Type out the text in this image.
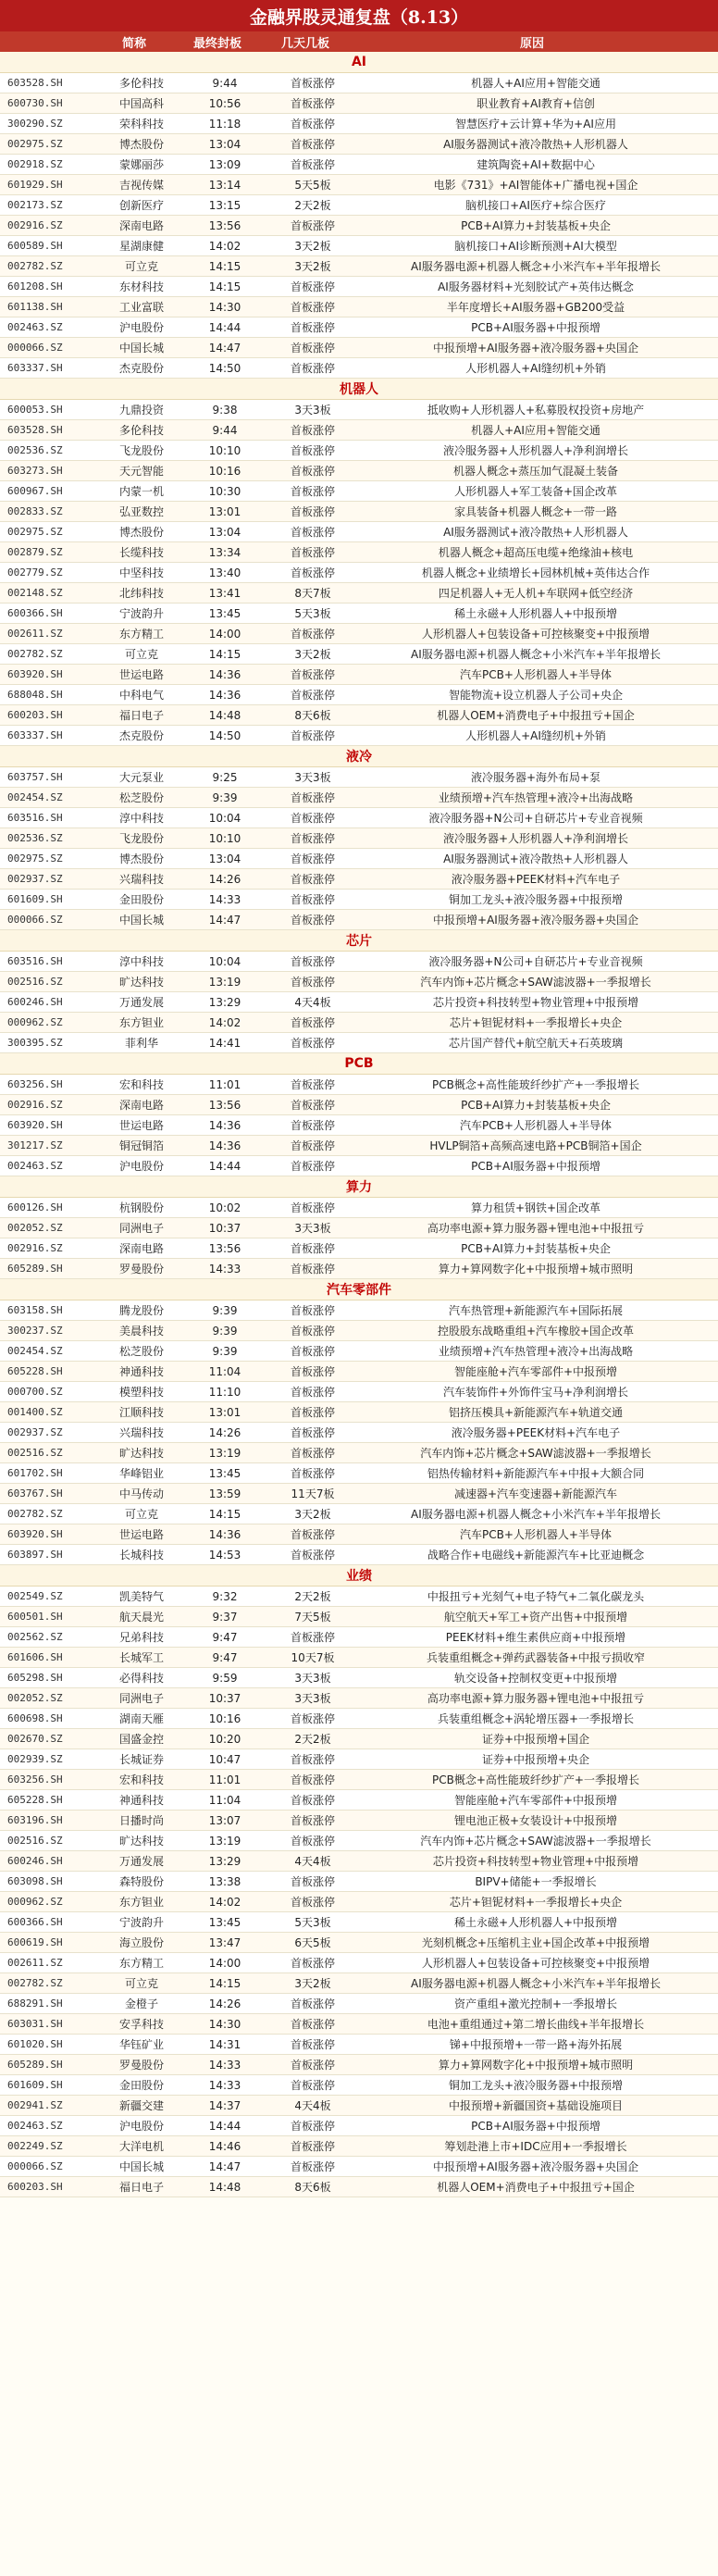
金融界股灵通复盘（8.13）
简称	最终封板	几天几板	原因
AI
603528.SH	多伦科技	9:44	首板涨停	机器人+AI应用+智能交通
600730.SH	中国高科	10:56	首板涨停	职业教育+AI教育+信创
300290.SZ	荣科科技	11:18	首板涨停	智慧医疗+云计算+华为+AI应用
002975.SZ	博杰股份	13:04	首板涨停	AI服务器测试+液冷散热+人形机器人
002918.SZ	蒙娜丽莎	13:09	首板涨停	建筑陶瓷+AI+数据中心
601929.SH	吉视传媒	13:14	5天5板	电影《731》+AI智能体+广播电视+国企
002173.SZ	创新医疗	13:15	2天2板	脑机接口+AI医疗+综合医疗
002916.SZ	深南电路	13:56	首板涨停	PCB+AI算力+封装基板+央企
600589.SH	星湖康健	14:02	3天2板	脑机接口+AI诊断预测+AI大模型
002782.SZ	可立克	14:15	3天2板	AI服务器电源+机器人概念+小米汽车+半年报增长
601208.SH	东材科技	14:15	首板涨停	AI服务器材料+光刻胶试产+英伟达概念
601138.SH	工业富联	14:30	首板涨停	半年度增长+AI服务器+GB200受益
002463.SZ	沪电股份	14:44	首板涨停	PCB+AI服务器+中报预增
000066.SZ	中国长城	14:47	首板涨停	中报预增+AI服务器+液冷服务器+央国企
603337.SH	杰克股份	14:50	首板涨停	人形机器人+AI缝纫机+外销
机器人
600053.SH	九鼎投资	9:38	3天3板	抵收购+人形机器人+私募股权投资+房地产
603528.SH	多伦科技	9:44	首板涨停	机器人+AI应用+智能交通
002536.SZ	飞龙股份	10:10	首板涨停	液冷服务器+人形机器人+净利润增长
603273.SH	天元智能	10:16	首板涨停	机器人概念+蒸压加气混凝土装备
600967.SH	内蒙一机	10:30	首板涨停	人形机器人+军工装备+国企改革
002833.SZ	弘亚数控	13:01	首板涨停	家具装备+机器人概念+一带一路
002975.SZ	博杰股份	13:04	首板涨停	AI服务器测试+液冷散热+人形机器人
002879.SZ	长缆科技	13:34	首板涨停	机器人概念+超高压电缆+绝缘油+核电
002779.SZ	中坚科技	13:40	首板涨停	机器人概念+业绩增长+园林机械+英伟达合作
002148.SZ	北纬科技	13:41	8天7板	四足机器人+无人机+车联网+低空经济
600366.SH	宁波韵升	13:45	5天3板	稀土永磁+人形机器人+中报预增
002611.SZ	东方精工	14:00	首板涨停	人形机器人+包装设备+可控核聚变+中报预增
002782.SZ	可立克	14:15	3天2板	AI服务器电源+机器人概念+小米汽车+半年报增长
603920.SH	世运电路	14:36	首板涨停	汽车PCB+人形机器人+半导体
688048.SH	中科电气	14:36	首板涨停	智能物流+设立机器人子公司+央企
600203.SH	福日电子	14:48	8天6板	机器人OEM+消费电子+中报扭亏+国企
603337.SH	杰克股份	14:50	首板涨停	人形机器人+AI缝纫机+外销
液冷
603757.SH	大元泵业	9:25	3天3板	液冷服务器+海外布局+泵
002454.SZ	松芝股份	9:39	首板涨停	业绩预增+汽车热管理+液冷+出海战略
603516.SH	淳中科技	10:04	首板涨停	液冷服务器+N公司+自研芯片+专业音视频
002536.SZ	飞龙股份	10:10	首板涨停	液冷服务器+人形机器人+净利润增长
002975.SZ	博杰股份	13:04	首板涨停	AI服务器测试+液冷散热+人形机器人
002937.SZ	兴瑞科技	14:26	首板涨停	液冷服务器+PEEK材料+汽车电子
601609.SH	金田股份	14:33	首板涨停	铜加工龙头+液冷服务器+中报预增
000066.SZ	中国长城	14:47	首板涨停	中报预增+AI服务器+液冷服务器+央国企
芯片
603516.SH	淳中科技	10:04	首板涨停	液冷服务器+N公司+自研芯片+专业音视频
002516.SZ	旷达科技	13:19	首板涨停	汽车内饰+芯片概念+SAW滤波器+一季报增长
600246.SH	万通发展	13:29	4天4板	芯片投资+科技转型+物业管理+中报预增
000962.SZ	东方钽业	14:02	首板涨停	芯片+钽铌材料+一季报增长+央企
300395.SZ	菲利华	14:41	首板涨停	芯片国产替代+航空航天+石英玻璃
PCB
603256.SH	宏和科技	11:01	首板涨停	PCB概念+高性能玻纤纱扩产+一季报增长
002916.SZ	深南电路	13:56	首板涨停	PCB+AI算力+封装基板+央企
603920.SH	世运电路	14:36	首板涨停	汽车PCB+人形机器人+半导体
301217.SZ	铜冠铜箔	14:36	首板涨停	HVLP铜箔+高频高速电路+PCB铜箔+国企
002463.SZ	沪电股份	14:44	首板涨停	PCB+AI服务器+中报预增
算力
600126.SH	杭钢股份	10:02	首板涨停	算力租赁+钢铁+国企改革
002052.SZ	同洲电子	10:37	3天3板	高功率电源+算力服务器+锂电池+中报扭亏
002916.SZ	深南电路	13:56	首板涨停	PCB+AI算力+封装基板+央企
605289.SH	罗曼股份	14:33	首板涨停	算力+算网数字化+中报预增+城市照明
汽车零部件
603158.SH	腾龙股份	9:39	首板涨停	汽车热管理+新能源汽车+国际拓展
300237.SZ	美晨科技	9:39	首板涨停	控股股东战略重组+汽车橡胶+国企改革
002454.SZ	松芝股份	9:39	首板涨停	业绩预增+汽车热管理+液冷+出海战略
605228.SH	神通科技	11:04	首板涨停	智能座舱+汽车零部件+中报预增
000700.SZ	模塑科技	11:10	首板涨停	汽车装饰件+外饰件宝马+净利润增长
001400.SZ	江顺科技	13:01	首板涨停	铝挤压模具+新能源汽车+轨道交通
002937.SZ	兴瑞科技	14:26	首板涨停	液冷服务器+PEEK材料+汽车电子
002516.SZ	旷达科技	13:19	首板涨停	汽车内饰+芯片概念+SAW滤波器+一季报增长
601702.SH	华峰铝业	13:45	首板涨停	铝热传输材料+新能源汽车+中报+大额合同
603767.SH	中马传动	13:59	11天7板	减速器+汽车变速器+新能源汽车
002782.SZ	可立克	14:15	3天2板	AI服务器电源+机器人概念+小米汽车+半年报增长
603920.SH	世运电路	14:36	首板涨停	汽车PCB+人形机器人+半导体
603897.SH	长城科技	14:53	首板涨停	战略合作+电磁线+新能源汽车+比亚迪概念
业绩
002549.SZ	凯美特气	9:32	2天2板	中报扭亏+光刻气+电子特气+二氧化碳龙头
600501.SH	航天晨光	9:37	7天5板	航空航天+军工+资产出售+中报预增
002562.SZ	兄弟科技	9:47	首板涨停	PEEK材料+维生素供应商+中报预增
601606.SH	长城军工	9:47	10天7板	兵装重组概念+弹药武器装备+中报亏损收窄
605298.SH	必得科技	9:59	3天3板	轨交设备+控制权变更+中报预增
002052.SZ	同洲电子	10:37	3天3板	高功率电源+算力服务器+锂电池+中报扭亏
600698.SH	湖南天雁	10:16	首板涨停	兵装重组概念+涡轮增压器+一季报增长
002670.SZ	国盛金控	10:20	2天2板	证券+中报预增+国企
002939.SZ	长城证券	10:47	首板涨停	证券+中报预增+央企
603256.SH	宏和科技	11:01	首板涨停	PCB概念+高性能玻纤纱扩产+一季报增长
605228.SH	神通科技	11:04	首板涨停	智能座舱+汽车零部件+中报预增
603196.SH	日播时尚	13:07	首板涨停	锂电池正极+女装设计+中报预增
002516.SZ	旷达科技	13:19	首板涨停	汽车内饰+芯片概念+SAW滤波器+一季报增长
600246.SH	万通发展	13:29	4天4板	芯片投资+科技转型+物业管理+中报预增
603098.SH	森特股份	13:38	首板涨停	BIPV+储能+一季报增长
000962.SZ	东方钽业	14:02	首板涨停	芯片+钽铌材料+一季报增长+央企
600366.SH	宁波韵升	13:45	5天3板	稀土永磁+人形机器人+中报预增
600619.SH	海立股份	13:47	6天5板	光刻机概念+压缩机主业+国企改革+中报预增
002611.SZ	东方精工	14:00	首板涨停	人形机器人+包装设备+可控核聚变+中报预增
002782.SZ	可立克	14:15	3天2板	AI服务器电源+机器人概念+小米汽车+半年报增长
688291.SH	金橙子	14:26	首板涨停	资产重组+激光控制+一季报增长
603031.SH	安孚科技	14:30	首板涨停	电池+重组通过+第二增长曲线+半年报增长
601020.SH	华钰矿业	14:31	首板涨停	锑+中报预增+一带一路+海外拓展
605289.SH	罗曼股份	14:33	首板涨停	算力+算网数字化+中报预增+城市照明
601609.SH	金田股份	14:33	首板涨停	铜加工龙头+液冷服务器+中报预增
002941.SZ	新疆交建	14:37	4天4板	中报预增+新疆国资+基础设施项目
002463.SZ	沪电股份	14:44	首板涨停	PCB+AI服务器+中报预增
002249.SZ	大洋电机	14:46	首板涨停	筹划赴港上市+IDC应用+一季报增长
000066.SZ	中国长城	14:47	首板涨停	中报预增+AI服务器+液冷服务器+央国企
600203.SH	福日电子	14:48	8天6板	机器人OEM+消费电子+中报扭亏+国企
